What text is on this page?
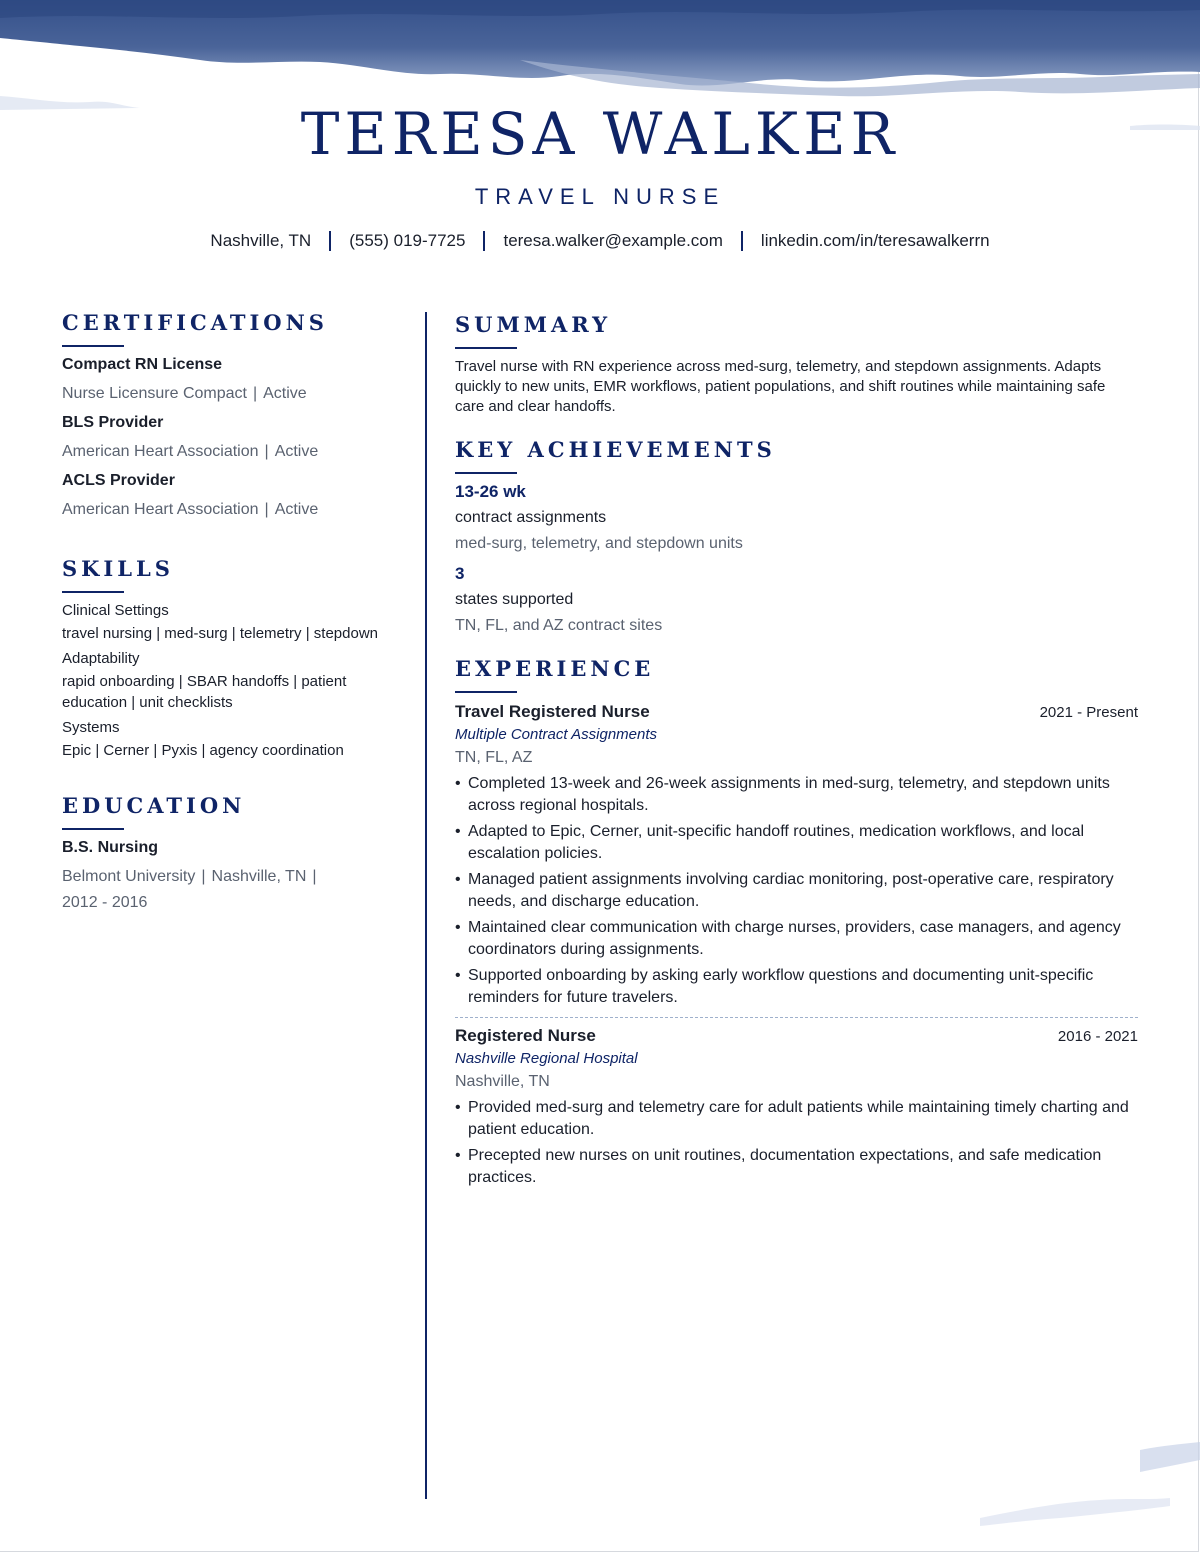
TERESA WALKER
TRAVEL NURSE
Nashville, TN (555) 019-7725 teresa.walker@example.com linkedin.com/in/teresawalkerrn
CERTIFICATIONS
Compact RN License
Nurse Licensure Compact | Active
BLS Provider
American Heart Association | Active
ACLS Provider
American Heart Association | Active
SKILLS
Clinical Settings
travel nursing | med-surg | telemetry | stepdown
Adaptability
rapid onboarding | SBAR handoffs | patient education | unit checklists
Systems
Epic | Cerner | Pyxis | agency coordination
EDUCATION
B.S. Nursing
Belmont University | Nashville, TN |
2012 - 2016
SUMMARY
Travel nurse with RN experience across med-surg, telemetry, and stepdown assignments. Adapts quickly to new units, EMR workflows, patient populations, and shift routines while maintaining safe care and clear handoffs.
KEY ACHIEVEMENTS
13-26 wk
contract assignments
med-surg, telemetry, and stepdown units
3
states supported
TN, FL, and AZ contract sites
EXPERIENCE
Travel Registered Nurse	2021 - Present
Multiple Contract Assignments
TN, FL, AZ
• Completed 13-week and 26-week assignments in med-surg, telemetry, and stepdown units across regional hospitals.
• Adapted to Epic, Cerner, unit-specific handoff routines, medication workflows, and local escalation policies.
• Managed patient assignments involving cardiac monitoring, post-operative care, respiratory needs, and discharge education.
• Maintained clear communication with charge nurses, providers, case managers, and agency coordinators during assignments.
• Supported onboarding by asking early workflow questions and documenting unit-specific reminders for future travelers.
Registered Nurse	2016 - 2021
Nashville Regional Hospital
Nashville, TN
• Provided med-surg and telemetry care for adult patients while maintaining timely charting and patient education.
• Precepted new nurses on unit routines, documentation expectations, and safe medication practices.
